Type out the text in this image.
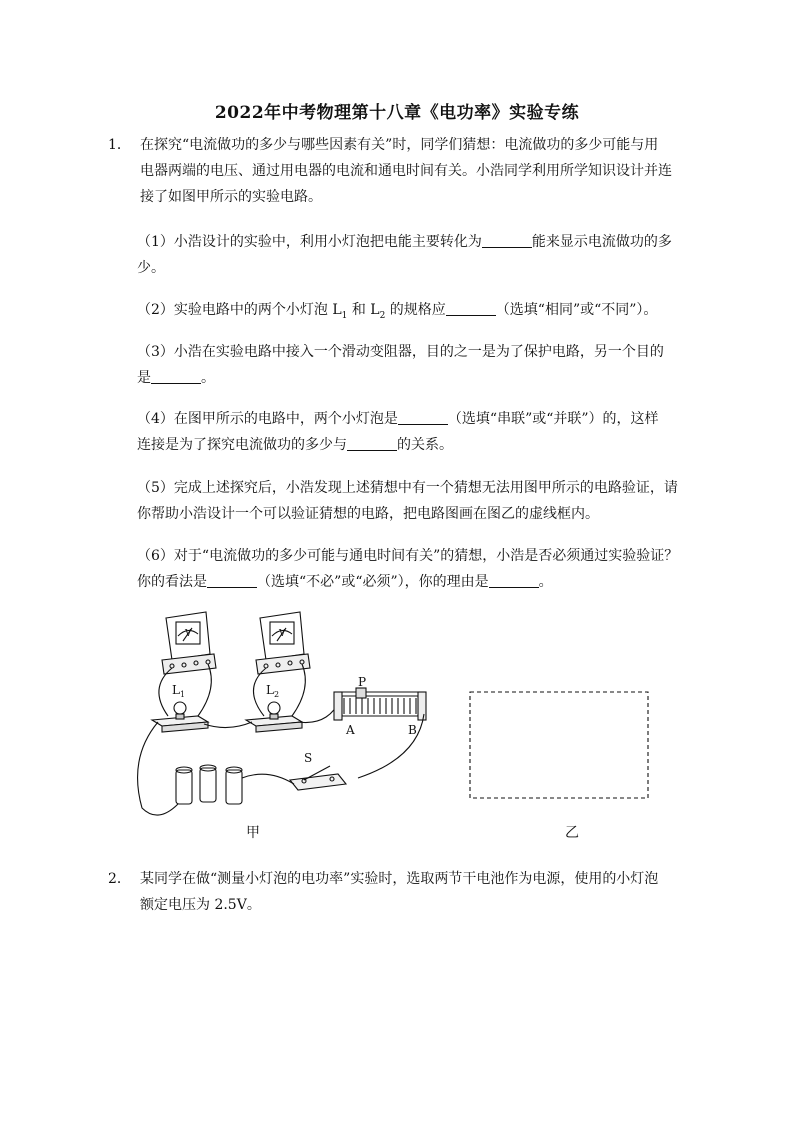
2022年中考物理第十八章《电功率》实验专练
1． 在探究“电流做功的多少与哪些因素有关”时，同学们猜想：电流做功的多少可能与用
电器两端的电压、通过用电器的电流和通电时间有关。小浩同学利用所学知识设计并连
接了如图甲所示的实验电路。
（1）小浩设计的实验中，利用小灯泡把电能主要转化为	能来显示电流做功的多
少。
（2）实验电路中的两个小灯泡 $L_1$ 和 $L_2$ 的规格应	（选填“相同”或“不同”）。
（3）小浩在实验电路中接入一个滑动变阻器，目的之一是为了保护电路，另一个目的
是	。
（4）在图甲所示的电路中，两个小灯泡是	（选填“串联”或“并联”）的，这样
连接是为了探究电流做功的多少与	的关系。
（5）完成上述探究后，小浩发现上述猜想中有一个猜想无法用图甲所示的电路验证，请
你帮助小浩设计一个可以验证猜想的电路，把电路图画在图乙的虚线框内。
（6）对于“电流做功的多少可能与通电时间有关”的猜想，小浩是否必须通过实验验证？
你的看法是	（选填“不必”或“必须”），你的理由是	。
V	V
L 1	L 2
P
A	B
S
甲	乙
2． 某同学在做“测量小灯泡的电功率”实验时，选取两节干电池作为电源，使用的小灯泡
额定电压为 2.5V。
